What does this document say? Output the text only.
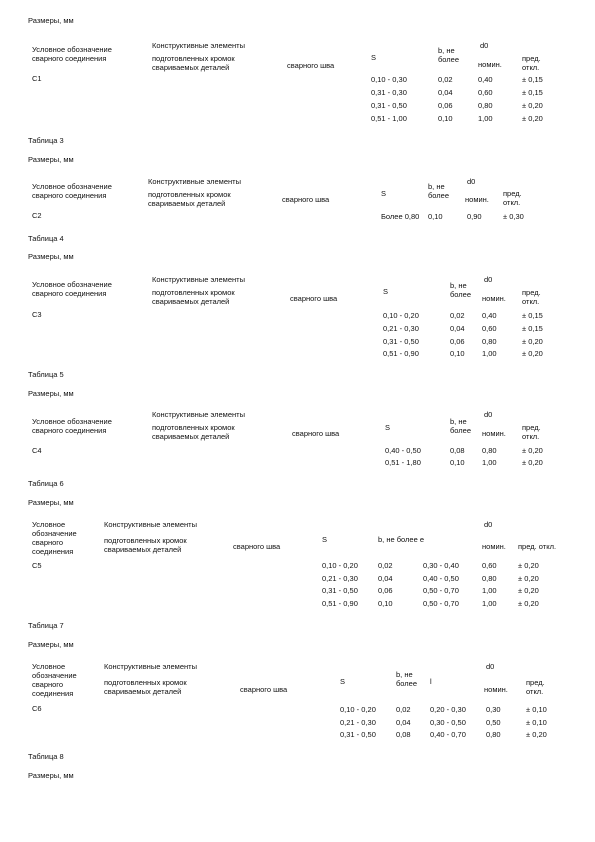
Размеры, мм
Условное обозначение сварного соединения
Конструктивные элементы
подготовленных кромок свариваемых деталей	сварного шва
S
b, не более
d0
номин.
пред. откл.
С1	0,10 - 0,30	0,02	0,40	± 0,15
0,31 - 0,30	0,04	0,60	± 0,15
0,31 - 0,50	0,06	0,80	± 0,20
0,51 - 1,00	0,10	1,00	± 0,20
Таблица 3
Размеры, мм
Условное обозначение сварного соединения
Конструктивные элементы
подготовленных кромок свариваемых деталей	сварного шва
S
b, не более
d0
номин.
пред. откл.
С2	Более 0,80 0,10	0,90	± 0,30
Таблица 4
Размеры, мм
Условное обозначение сварного соединения
Конструктивные элементы
подготовленных кромок свариваемых деталей	сварного шва
S
b, не более
d0
номин.
пред. откл.
С3	0,10 - 0,20	0,02 0,40	± 0,15
0,21 - 0,30	0,04 0,60	± 0,15
0,31 - 0,50	0,06 0,80	± 0,20
0,51 - 0,90	0,10 1,00	± 0,20
Таблица 5
Размеры, мм
Условное обозначение сварного соединения
Конструктивные элементы
подготовленных кромок свариваемых деталей	сварного шва
S
b, не более
d0
номин.
пред. откл.
С4	0,40 - 0,50	0,08 0,80	± 0,20
0,51 - 1,80	0,10 1,00	± 0,20
Таблица 6
Размеры, мм
Условное обозначение сварного соединения
Конструктивные элементы
подготовленных кромок свариваемых деталей	сварного шва
S	b, не более e
d0
номин. пред. откл.
С5	0,10 - 0,20	0,02	0,30 - 0,40	0,60	± 0,20
0,21 - 0,30	0,04	0,40 - 0,50	0,80	± 0,20
0,31 - 0,50	0,06	0,50 - 0,70	1,00	± 0,20
0,51 - 0,90	0,10	0,50 - 0,70	1,00	± 0,20
Таблица 7
Размеры, мм
Условное обозначение сварного соединения
Конструктивные элементы
подготовленных кромок свариваемых деталей	сварного шва
S
b, не более	l
d0
номин.
пред. откл.
С6	0,10 - 0,20	0,02	0,20 - 0,30	0,30	± 0,10
0,21 - 0,30	0,04	0,30 - 0,50	0,50	± 0,10
0,31 - 0,50	0,08	0,40 - 0,70	0,80	± 0,20
Таблица 8
Размеры, мм
